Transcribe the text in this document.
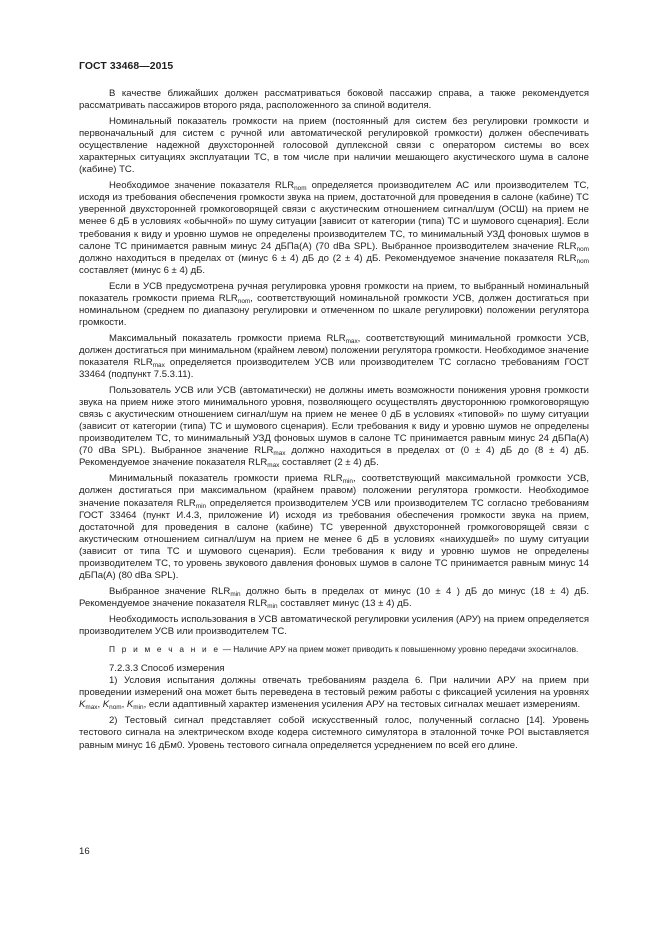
ГОСТ 33468—2015

В качестве ближайших должен рассматриваться боковой пассажир справа, а также рекомендуется рассматривать пассажиров второго ряда, расположенного за спиной водителя.

Номинальный показатель громкости на прием (постоянный для систем без регулировки громкости и первоначальный для систем с ручной или автоматической регулировкой громкости) должен обеспечивать осуществление надежной двухсторонней голосовой дуплексной связи с оператором системы во всех характерных ситуациях эксплуатации ТС, в том числе при наличии мешающего акустического шума в салоне (кабине) ТС.

Необходимое значение показателя $RLR_{nom}$ определяется производителем АС или производителем ТС, исходя из требования обеспечения громкости звука на прием, достаточной для проведения в салоне (кабине) ТС уверенной двухсторонней громкоговорящей связи с акустическим отношением сигнал/шум (ОСШ) на прием не менее 6 дБ в условиях «обычной» по шуму ситуации [зависит от категории (типа) ТС и шумового сценария]. Если требования к виду и уровню шумов не определены производителем ТС, то минимальный УЗД фоновых шумов в салоне ТС принимается равным минус 24 дБПа(А) (70 dBa SPL). Выбранное производителем значение $RLR_{nom}$ должно находиться в пределах от (минус 6 ± 4) дБ до (2 ± 4) дБ. Рекомендуемое значение показателя $RLR_{nom}$ составляет (минус 6 ± 4) дБ.

Если в УСВ предусмотрена ручная регулировка уровня громкости на прием, то выбранный номинальный показатель громкости приема $RLR_{nom}$, соответствующий номинальной громкости УСВ, должен достигаться при номинальном (среднем по диапазону регулировки и отмеченном по шкале регулировки) положении регулятора громкости.

Максимальный показатель громкости приема $RLR_{max}$, соответствующий минимальной громкости УСВ, должен достигаться при минимальном (крайнем левом) положении регулятора громкости. Необходимое значение показателя $RLR_{max}$ определяется производителем УСВ или производителем ТС согласно требованиям ГОСТ 33464 (подпункт 7.5.3.11).

Пользователь УСВ или УСВ (автоматически) не должны иметь возможности понижения уровня громкости звука на прием ниже этого минимального уровня, позволяющего осуществлять двустороннюю громкоговорящую связь с акустическим отношением сигнал/шум на прием не менее 0 дБ в условиях «типовой» по шуму ситуации (зависит от категории (типа) ТС и шумового сценария). Если требования к виду и уровню шумов не определены производителем ТС, то минимальный УЗД фоновых шумов в салоне ТС принимается равным минус 24 дБПа(А) (70 dBa SPL). Выбранное значение $RLR_{max}$ должно находиться в пределах от (0 ± 4) дБ до (8 ± 4) дБ. Рекомендуемое значение показателя $RLR_{max}$ составляет (2 ± 4) дБ.

Минимальный показатель громкости приема $RLR_{min}$, соответствующий максимальной громкости УСВ, должен достигаться при максимальном (крайнем правом) положении регулятора громкости. Необходимое значение показателя $RLR_{min}$ определяется производителем УСВ или производителем ТС согласно требованиям ГОСТ 33464 (пункт И.4.3, приложение И) исходя из требования обеспечения громкости звука на прием, достаточной для проведения в салоне (кабине) ТС уверенной двухсторонней громкоговорящей связи с акустическим отношением сигнал/шум на прием не менее 6 дБ в условиях «наихудшей» по шуму ситуации (зависит от типа ТС и шумового сценария). Если требования к виду и уровню шумов не определены производителем ТС, то уровень звукового давления фоновых шумов в салоне ТС принимается равным минус 14 дБПа(А) (80 dBa SPL).

Выбранное значение $RLR_{min}$ должно быть в пределах от минус (10 ± 4 ) дБ до минус (18 ± 4) дБ. Рекомендуемое значение показателя $RLR_{min}$ составляет минус (13 ± 4) дБ.

Необходимость использования в УСВ автоматической регулировки усиления (АРУ) на прием определяется производителем УСВ или производителем ТС.

П р и м е ч а н и е — Наличие АРУ на прием может приводить к повышенному уровню передачи эхосигналов.

7.2.3.3 Способ измерения

1) Условия испытания должны отвечать требованиям раздела 6. При наличии АРУ на прием при проведении измерений она может быть переведена в тестовый режим работы с фиксацией усиления на уровнях $K_{max}$, $K_{nom}$, $K_{min}$, если адаптивный характер изменения усиления АРУ на тестовых сигналах мешает измерениям.

2) Тестовый сигнал представляет собой искусственный голос, полученный согласно [14]. Уровень тестового сигнала на электрическом входе кодера системного симулятора в эталонной точке POI выставляется равным минус 16 дБм0. Уровень тестового сигнала определяется усреднением по всей его длине.

16
